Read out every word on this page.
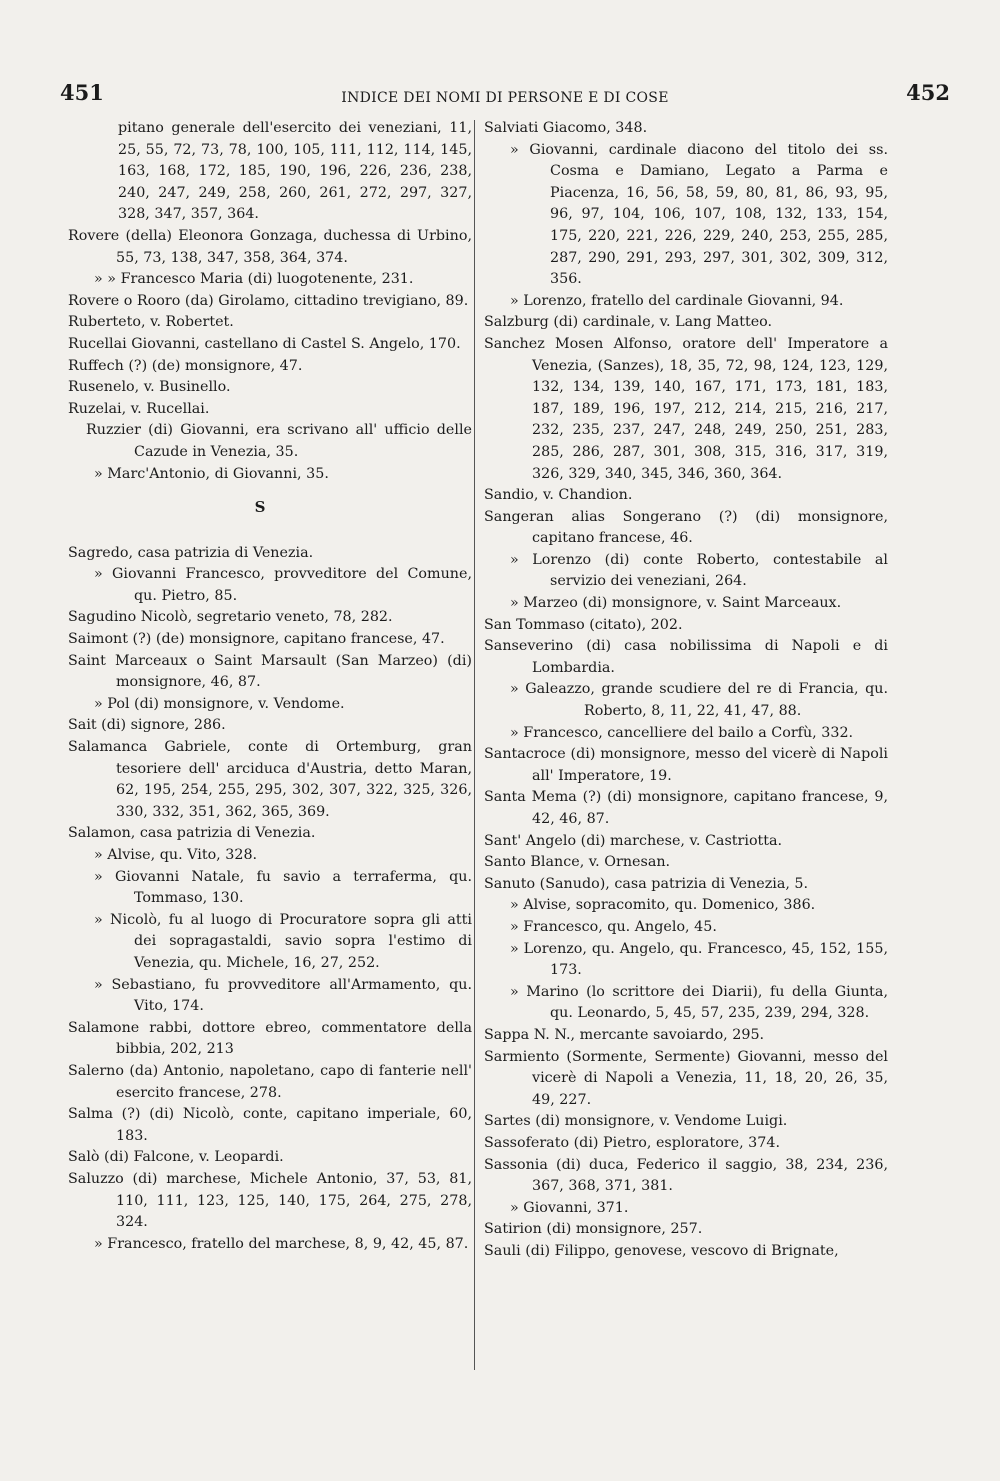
451	INDICE DEI NOMI DI PERSONE E DI COSE	452
pitano generale dell'esercito dei veneziani, 11, 25, 55, 72, 73, 78, 100, 105, 111, 112, 114, 145, 163, 168, 172, 185, 190, 196, 226, 236, 238, 240, 247, 249, 258, 260, 261, 272, 297, 327, 328, 347, 357, 364.
Rovere (della) Eleonora Gonzaga, duchessa di Urbino, 55, 73, 138, 347, 358, 364, 374.
» » Francesco Maria (di) luogotenente, 231.
Rovere o Rooro (da) Girolamo, cittadino trevigiano, 89.
Ruberteto, v. Robertet.
Rucellai Giovanni, castellano di Castel S. Angelo, 170.
Ruffech (?) (de) monsignore, 47.
Rusenelo, v. Businello.
Ruzelai, v. Rucellai.
Ruzzier (di) Giovanni, era scrivano all' ufficio delle Cazude in Venezia, 35.
» Marc'Antonio, di Giovanni, 35.
S
Sagredo, casa patrizia di Venezia.
» Giovanni Francesco, provveditore del Comune, qu. Pietro, 85.
Sagudino Nicolò, segretario veneto, 78, 282.
Saimont (?) (de) monsignore, capitano francese, 47.
Saint Marceaux o Saint Marsault (San Marzeo) (di) monsignore, 46, 87.
» Pol (di) monsignore, v. Vendome.
Sait (di) signore, 286.
Salamanca Gabriele, conte di Ortemburg, gran tesoriere dell' arciduca d'Austria, detto Maran, 62, 195, 254, 255, 295, 302, 307, 322, 325, 326, 330, 332, 351, 362, 365, 369.
Salamon, casa patrizia di Venezia.
» Alvise, qu. Vito, 328.
» Giovanni Natale, fu savio a terraferma, qu. Tommaso, 130.
» Nicolò, fu al luogo di Procuratore sopra gli atti dei sopragastaldi, savio sopra l'estimo di Venezia, qu. Michele, 16, 27, 252.
» Sebastiano, fu provveditore all'Armamento, qu. Vito, 174.
Salamone rabbi, dottore ebreo, commentatore della bibbia, 202, 213
Salerno (da) Antonio, napoletano, capo di fanterie nell' esercito francese, 278.
Salma (?) (di) Nicolò, conte, capitano imperiale, 60, 183.
Salò (di) Falcone, v. Leopardi.
Saluzzo (di) marchese, Michele Antonio, 37, 53, 81, 110, 111, 123, 125, 140, 175, 264, 275, 278, 324.
» Francesco, fratello del marchese, 8, 9, 42, 45, 87.
Salviati Giacomo, 348.
» Giovanni, cardinale diacono del titolo dei ss. Cosma e Damiano, Legato a Parma e Piacenza, 16, 56, 58, 59, 80, 81, 86, 93, 95, 96, 97, 104, 106, 107, 108, 132, 133, 154, 175, 220, 221, 226, 229, 240, 253, 255, 285, 287, 290, 291, 293, 297, 301, 302, 309, 312, 356.
» Lorenzo, fratello del cardinale Giovanni, 94.
Salzburg (di) cardinale, v. Lang Matteo.
Sanchez Mosen Alfonso, oratore dell' Imperatore a Venezia, (Sanzes), 18, 35, 72, 98, 124, 123, 129, 132, 134, 139, 140, 167, 171, 173, 181, 183, 187, 189, 196, 197, 212, 214, 215, 216, 217, 232, 235, 237, 247, 248, 249, 250, 251, 283, 285, 286, 287, 301, 308, 315, 316, 317, 319, 326, 329, 340, 345, 346, 360, 364.
Sandio, v. Chandion.
Sangeran alias Songerano (?) (di) monsignore, capitano francese, 46.
» Lorenzo (di) conte Roberto, contestabile al servizio dei veneziani, 264.
» Marzeo (di) monsignore, v. Saint Marceaux.
San Tommaso (citato), 202.
Sanseverino (di) casa nobilissima di Napoli e di Lombardia.
» Galeazzo, grande scudiere del re di Francia, qu. Roberto, 8, 11, 22, 41, 47, 88.
» Francesco, cancelliere del bailo a Corfù, 332.
Santacroce (di) monsignore, messo del vicerè di Napoli all' Imperatore, 19.
Santa Mema (?) (di) monsignore, capitano francese, 9, 42, 46, 87.
Sant' Angelo (di) marchese, v. Castriotta.
Santo Blance, v. Ornesan.
Sanuto (Sanudo), casa patrizia di Venezia, 5.
» Alvise, sopracomito, qu. Domenico, 386.
» Francesco, qu. Angelo, 45.
» Lorenzo, qu. Angelo, qu. Francesco, 45, 152, 155, 173.
» Marino (lo scrittore dei Diarii), fu della Giunta, qu. Leonardo, 5, 45, 57, 235, 239, 294, 328.
Sappa N. N., mercante savoiardo, 295.
Sarmiento (Sormente, Sermente) Giovanni, messo del vicerè di Napoli a Venezia, 11, 18, 20, 26, 35, 49, 227.
Sartes (di) monsignore, v. Vendome Luigi.
Sassoferato (di) Pietro, esploratore, 374.
Sassonia (di) duca, Federico il saggio, 38, 234, 236, 367, 368, 371, 381.
» Giovanni, 371.
Satirion (di) monsignore, 257.
Sauli (di) Filippo, genovese, vescovo di Brignate,
